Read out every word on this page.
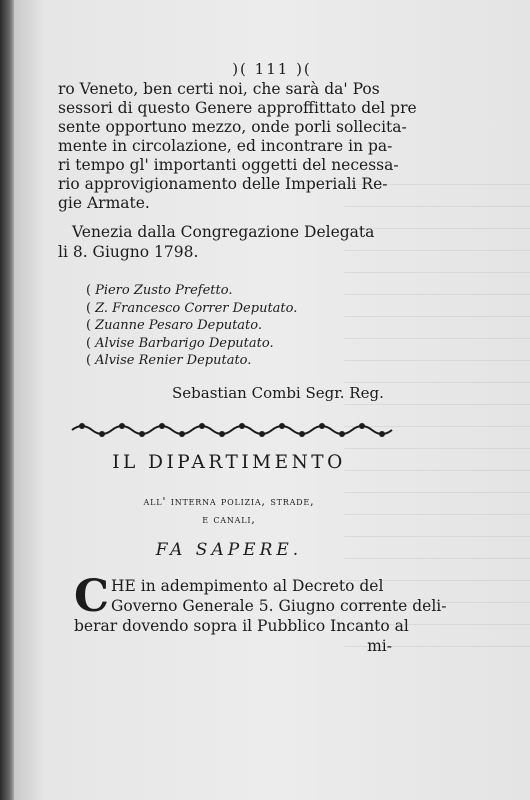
)( 111 )(
ro Veneto, ben certi noi, che sarà da' Pos
sessori di questo Genere approffittato del pre
sente opportuno mezzo, onde porli sollecita-
mente in circolazione, ed incontrare in pa-
ri tempo gl' importanti oggetti del necessa-
rio approvigionamento delle Imperiali Re-
gie Armate.
Venezia dalla Congregazione Delegata
li 8. Giugno 1798.
( Piero Zusto Prefetto.
( Z. Francesco Correr Deputato.
( Zuanne Pesaro Deputato.
( Alvise Barbarigo Deputato.
( Alvise Renier Deputato.
Sebastian Combi Segr. Reg.
IL DIPARTIMENTO
all' interna polizia, strade,
e canali,
FA SAPERE.
C HE in adempimento al Decreto del
Governo Generale 5. Giugno corrente deli-
berar dovendo sopra il Pubblico Incanto al
mi-
